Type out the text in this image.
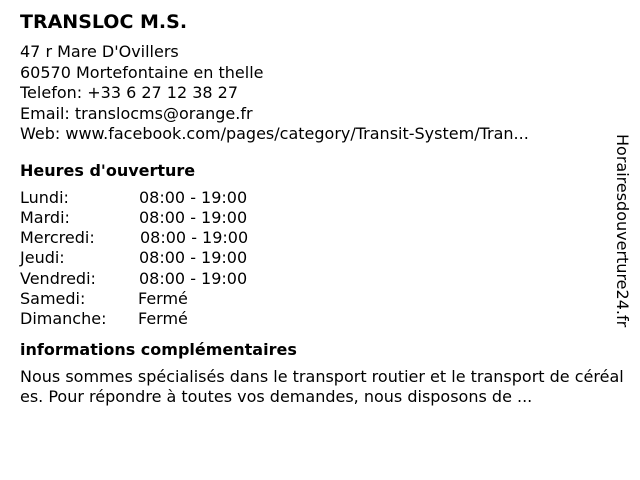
TRANSLOC M.S.
47 r Mare D'Ovillers
60570 Mortefontaine en thelle
Telefon: +33 6 27 12 38 27
Email: translocms@orange.fr
Web: www.facebook.com/pages/category/Transit-System/Tran...
Heures d'ouverture
Lundi:	08:00 - 19:00
Mardi:	08:00 - 19:00
Mercredi:	08:00 - 19:00
Jeudi:	08:00 - 19:00
Vendredi:	08:00 - 19:00
Samedi:	Fermé
Dimanche:	Fermé
informations complémentaires
Nous sommes spécialisés dans le transport routier et le transport de céréales. Pour répondre à toutes vos demandes, nous disposons de ...
Horairesdouverture24.fr
